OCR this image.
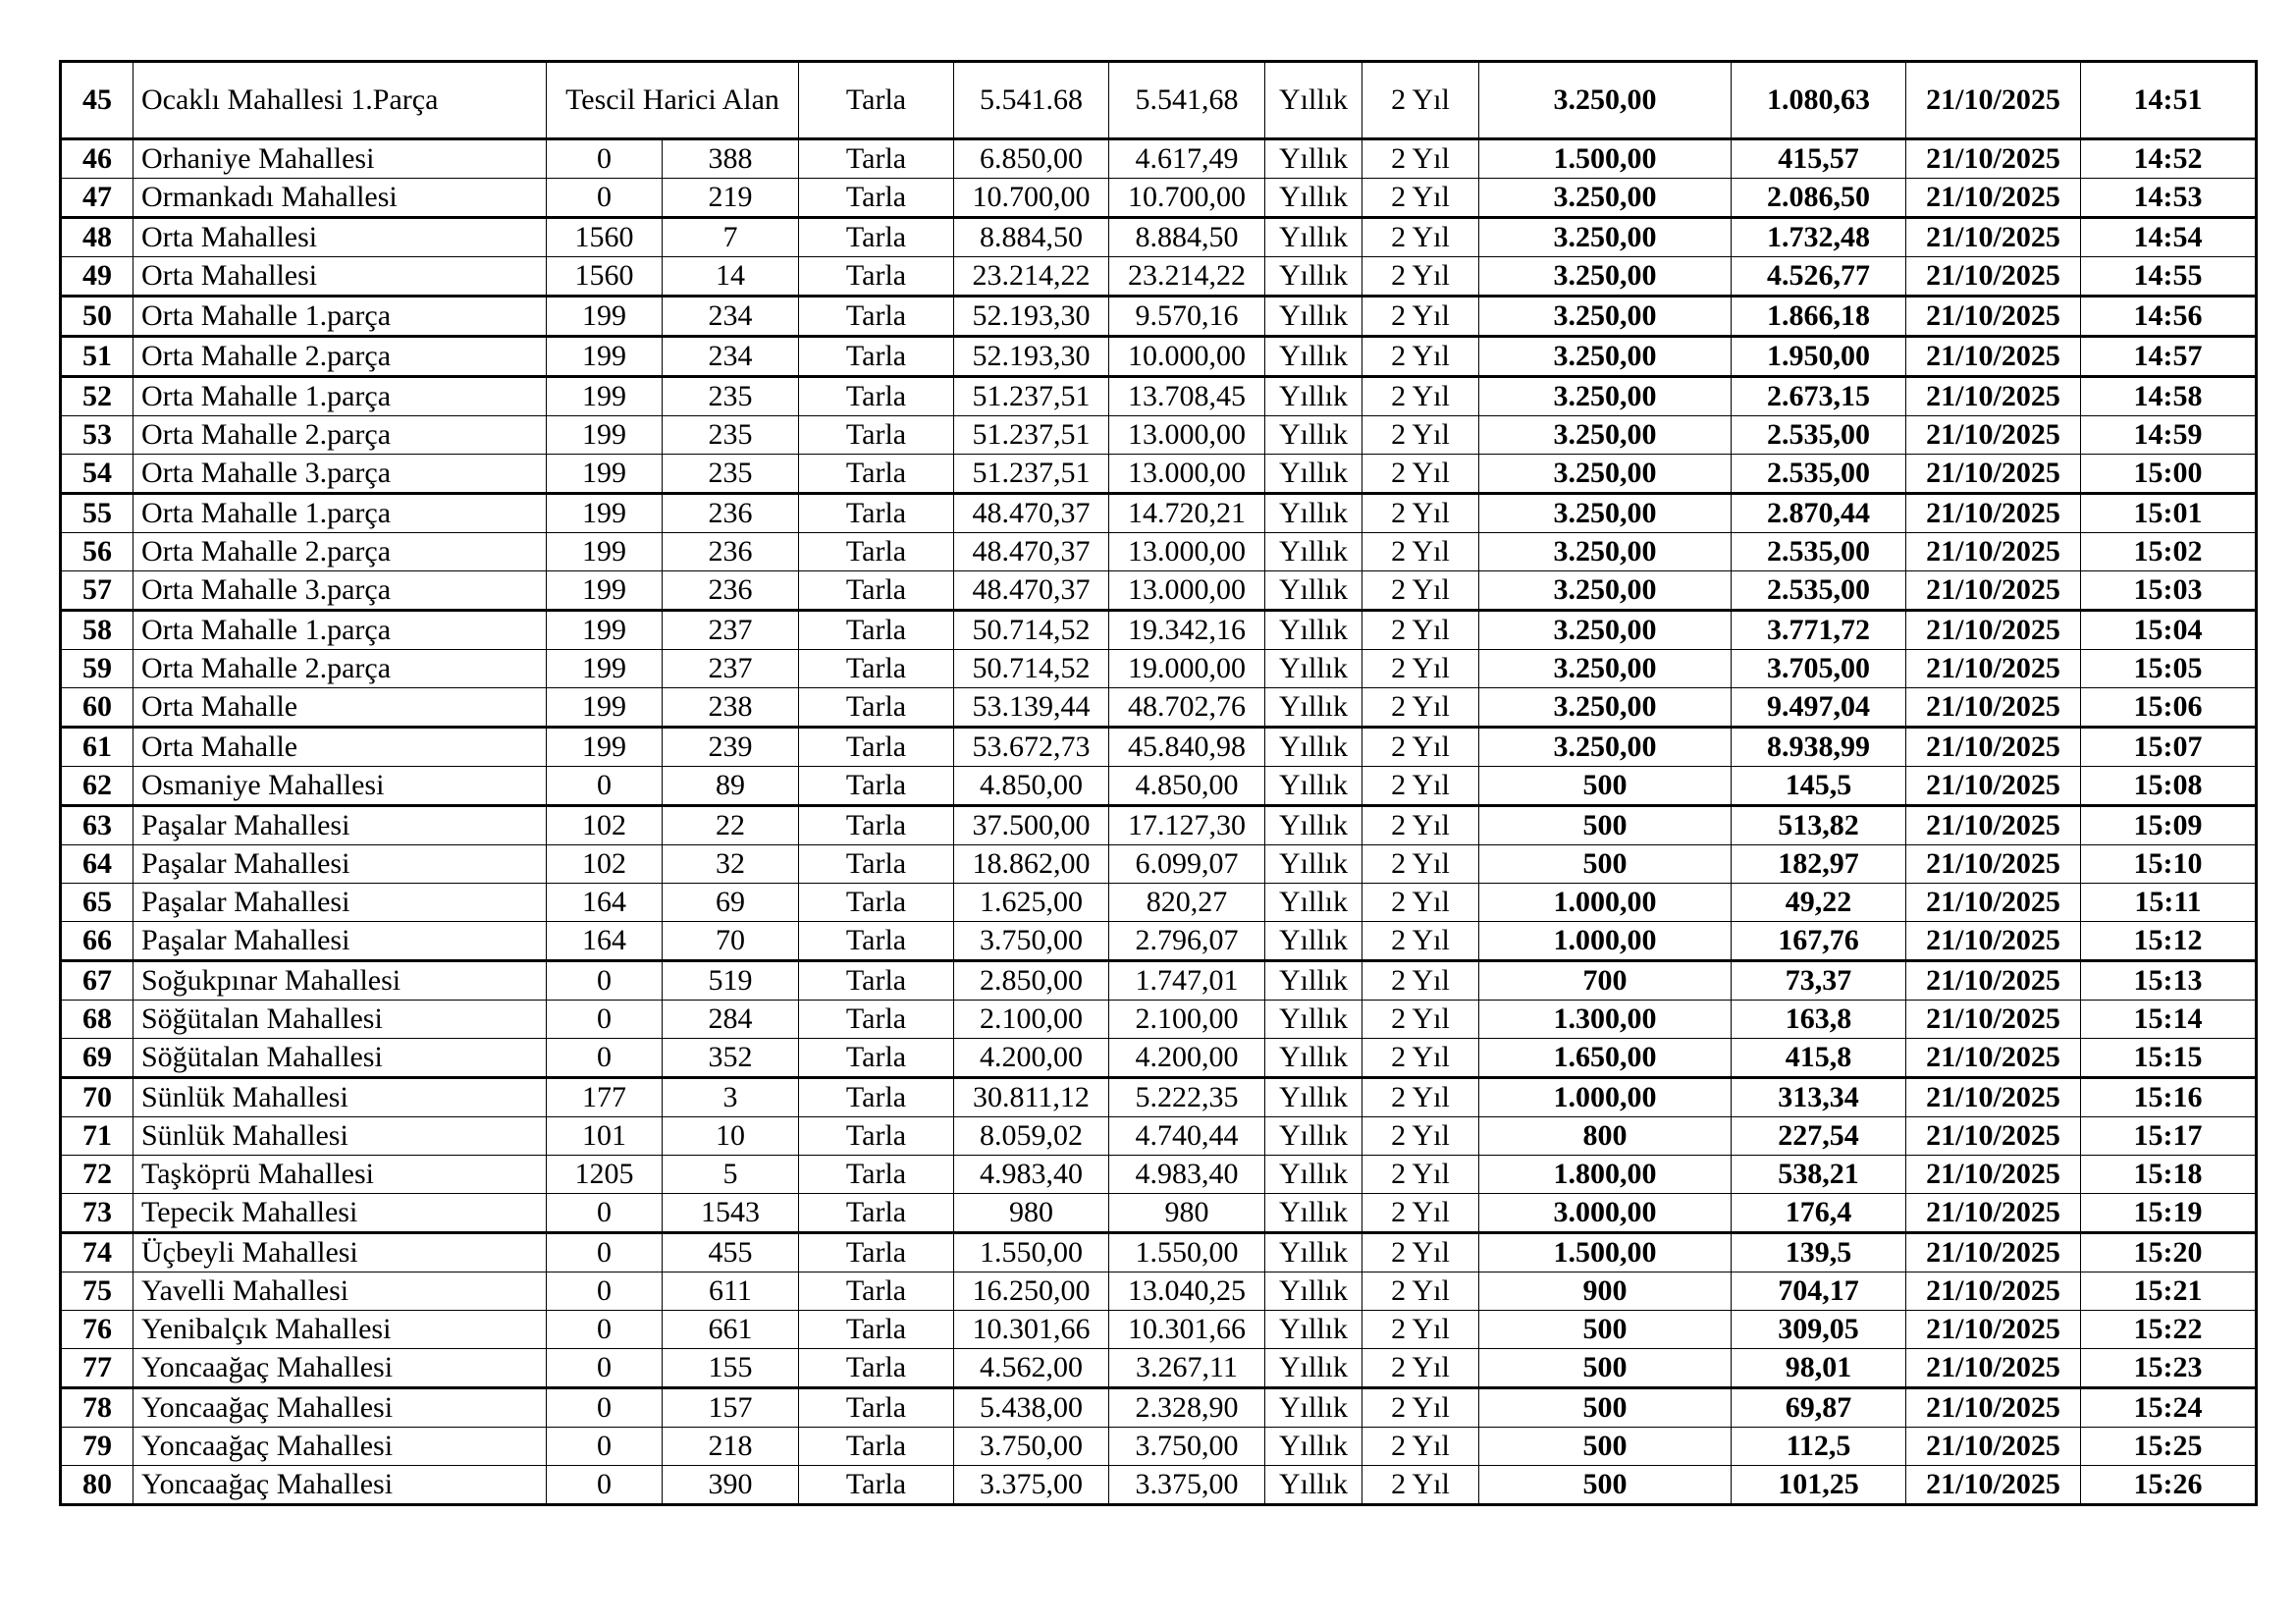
45	Ocaklı Mahallesi 1.Parça	Tescil Harici Alan		Tarla	5.541.68	5.541,68	Yıllık	2 Yıl	3.250,00	1.080,63	21/10/2025	14:51
46	Orhaniye Mahallesi	0	388	Tarla	6.850,00	4.617,49	Yıllık	2 Yıl	1.500,00	415,57	21/10/2025	14:52
47	Ormankadı Mahallesi	0	219	Tarla	10.700,00	10.700,00	Yıllık	2 Yıl	3.250,00	2.086,50	21/10/2025	14:53
48	Orta Mahallesi	1560	7	Tarla	8.884,50	8.884,50	Yıllık	2 Yıl	3.250,00	1.732,48	21/10/2025	14:54
49	Orta Mahallesi	1560	14	Tarla	23.214,22	23.214,22	Yıllık	2 Yıl	3.250,00	4.526,77	21/10/2025	14:55
50	Orta Mahalle 1.parça	199	234	Tarla	52.193,30	9.570,16	Yıllık	2 Yıl	3.250,00	1.866,18	21/10/2025	14:56
51	Orta Mahalle 2.parça	199	234	Tarla	52.193,30	10.000,00	Yıllık	2 Yıl	3.250,00	1.950,00	21/10/2025	14:57
52	Orta Mahalle 1.parça	199	235	Tarla	51.237,51	13.708,45	Yıllık	2 Yıl	3.250,00	2.673,15	21/10/2025	14:58
53	Orta Mahalle 2.parça	199	235	Tarla	51.237,51	13.000,00	Yıllık	2 Yıl	3.250,00	2.535,00	21/10/2025	14:59
54	Orta Mahalle 3.parça	199	235	Tarla	51.237,51	13.000,00	Yıllık	2 Yıl	3.250,00	2.535,00	21/10/2025	15:00
55	Orta Mahalle 1.parça	199	236	Tarla	48.470,37	14.720,21	Yıllık	2 Yıl	3.250,00	2.870,44	21/10/2025	15:01
56	Orta Mahalle 2.parça	199	236	Tarla	48.470,37	13.000,00	Yıllık	2 Yıl	3.250,00	2.535,00	21/10/2025	15:02
57	Orta Mahalle 3.parça	199	236	Tarla	48.470,37	13.000,00	Yıllık	2 Yıl	3.250,00	2.535,00	21/10/2025	15:03
58	Orta Mahalle 1.parça	199	237	Tarla	50.714,52	19.342,16	Yıllık	2 Yıl	3.250,00	3.771,72	21/10/2025	15:04
59	Orta Mahalle 2.parça	199	237	Tarla	50.714,52	19.000,00	Yıllık	2 Yıl	3.250,00	3.705,00	21/10/2025	15:05
60	Orta Mahalle	199	238	Tarla	53.139,44	48.702,76	Yıllık	2 Yıl	3.250,00	9.497,04	21/10/2025	15:06
61	Orta Mahalle	199	239	Tarla	53.672,73	45.840,98	Yıllık	2 Yıl	3.250,00	8.938,99	21/10/2025	15:07
62	Osmaniye Mahallesi	0	89	Tarla	4.850,00	4.850,00	Yıllık	2 Yıl	500	145,5	21/10/2025	15:08
63	Paşalar Mahallesi	102	22	Tarla	37.500,00	17.127,30	Yıllık	2 Yıl	500	513,82	21/10/2025	15:09
64	Paşalar Mahallesi	102	32	Tarla	18.862,00	6.099,07	Yıllık	2 Yıl	500	182,97	21/10/2025	15:10
65	Paşalar Mahallesi	164	69	Tarla	1.625,00	820,27	Yıllık	2 Yıl	1.000,00	49,22	21/10/2025	15:11
66	Paşalar Mahallesi	164	70	Tarla	3.750,00	2.796,07	Yıllık	2 Yıl	1.000,00	167,76	21/10/2025	15:12
67	Soğukpınar Mahallesi	0	519	Tarla	2.850,00	1.747,01	Yıllık	2 Yıl	700	73,37	21/10/2025	15:13
68	Söğütalan Mahallesi	0	284	Tarla	2.100,00	2.100,00	Yıllık	2 Yıl	1.300,00	163,8	21/10/2025	15:14
69	Söğütalan Mahallesi	0	352	Tarla	4.200,00	4.200,00	Yıllık	2 Yıl	1.650,00	415,8	21/10/2025	15:15
70	Sünlük Mahallesi	177	3	Tarla	30.811,12	5.222,35	Yıllık	2 Yıl	1.000,00	313,34	21/10/2025	15:16
71	Sünlük Mahallesi	101	10	Tarla	8.059,02	4.740,44	Yıllık	2 Yıl	800	227,54	21/10/2025	15:17
72	Taşköprü Mahallesi	1205	5	Tarla	4.983,40	4.983,40	Yıllık	2 Yıl	1.800,00	538,21	21/10/2025	15:18
73	Tepecik Mahallesi	0	1543	Tarla	980	980	Yıllık	2 Yıl	3.000,00	176,4	21/10/2025	15:19
74	Üçbeyli Mahallesi	0	455	Tarla	1.550,00	1.550,00	Yıllık	2 Yıl	1.500,00	139,5	21/10/2025	15:20
75	Yavelli Mahallesi	0	611	Tarla	16.250,00	13.040,25	Yıllık	2 Yıl	900	704,17	21/10/2025	15:21
76	Yenibalçık Mahallesi	0	661	Tarla	10.301,66	10.301,66	Yıllık	2 Yıl	500	309,05	21/10/2025	15:22
77	Yoncaağaç Mahallesi	0	155	Tarla	4.562,00	3.267,11	Yıllık	2 Yıl	500	98,01	21/10/2025	15:23
78	Yoncaağaç Mahallesi	0	157	Tarla	5.438,00	2.328,90	Yıllık	2 Yıl	500	69,87	21/10/2025	15:24
79	Yoncaağaç Mahallesi	0	218	Tarla	3.750,00	3.750,00	Yıllık	2 Yıl	500	112,5	21/10/2025	15:25
80	Yoncaağaç Mahallesi	0	390	Tarla	3.375,00	3.375,00	Yıllık	2 Yıl	500	101,25	21/10/2025	15:26
